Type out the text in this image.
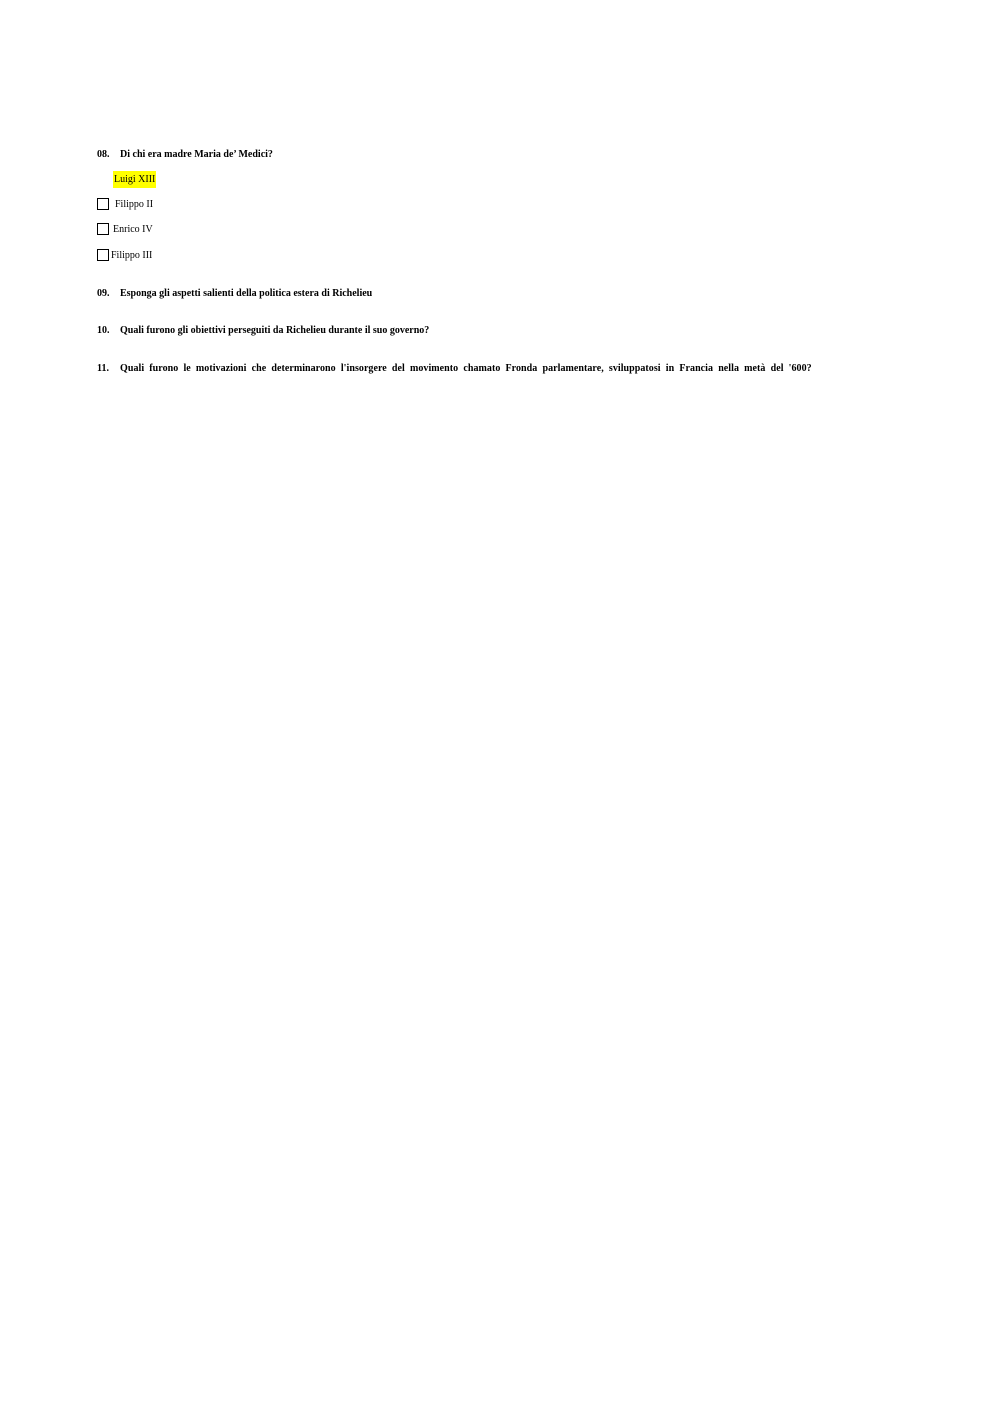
08. Di chi era madre Maria de’ Medici?
Luigi XIII
Filippo II
Enrico IV
Filippo III
09. Esponga gli aspetti salienti della politica estera di Richelieu
10. Quali furono gli obiettivi perseguiti da Richelieu durante il suo governo?
11. Quali furono le motivazioni che determinarono l'insorgere del movimento chamato Fronda parlamentare, sviluppatosi in Francia nella metà del '600?
